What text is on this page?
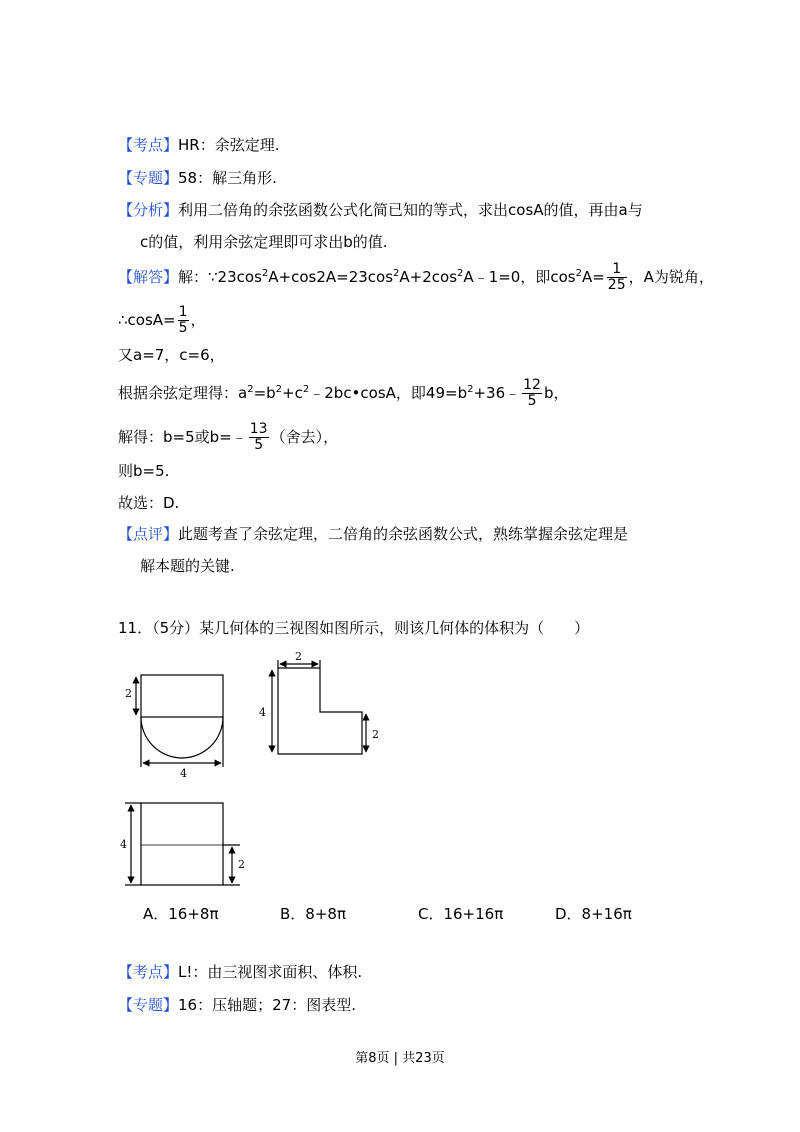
【考点】HR：余弦定理.
【专题】58：解三角形.
【分析】利用二倍角的余弦函数公式化简已知的等式，求出cosA的值，再由a与
c的值，利用余弦定理即可求出b的值.
【解答】解：$\because 23\cos^2A+\cos 2A=23\cos^2A+2\cos^2A﹣1=0$，即$\cos^2A= \frac{1}{25}$ ，A为锐角，
∴cosA= $\frac{1}{5}$ ，
又a=7，c=6，
根据余弦定理得：$a^2=b^2+c^2﹣2bc•\cos A$，即$49=b^2+36﹣ \frac{12}{5}$ b，
解得：b=5或b=﹣ $\frac{13}{5}$ （舍去），
则b=5.
故选：D.
【点评】此题考查了余弦定理，二倍角的余弦函数公式，熟练掌握余弦定理是
解本题的关键.
11．（5分）某几何体的三视图如图所示，则该几何体的体积为（　　）
2
4
2
4
2
4
2
A．16+8π	B．8+8π	C．16+16π	D．8+16π
【考点】L!：由三视图求面积、体积.
【专题】16：压轴题；27：图表型.
第8页 | 共23页
